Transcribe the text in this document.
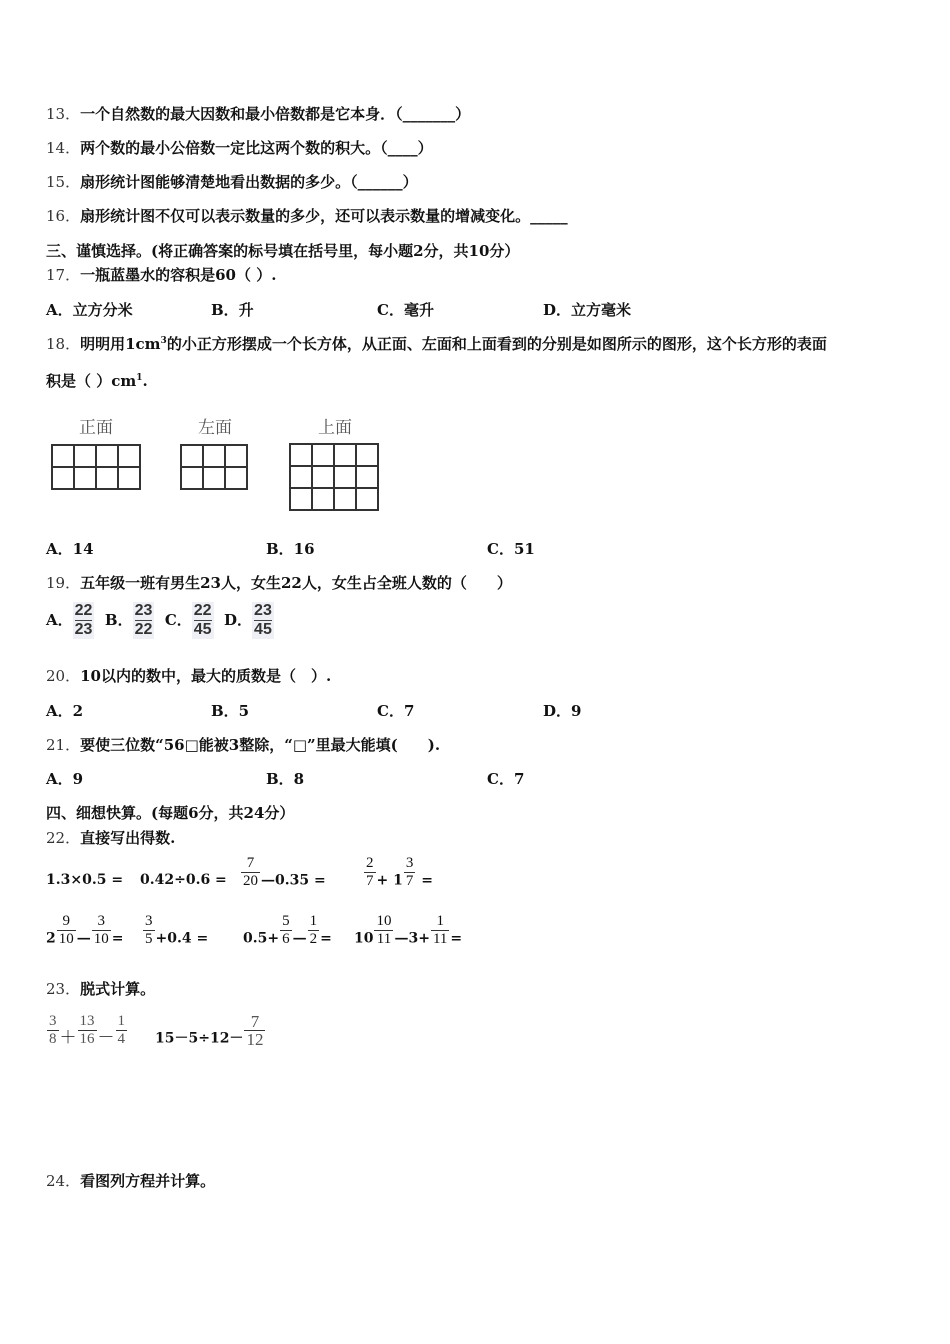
13．一个自然数的最大因数和最小倍数都是它本身．（_______）
14．两个数的最小公倍数一定比这两个数的积大。（____）
15．扇形统计图能够清楚地看出数据的多少。（______）
16．扇形统计图不仅可以表示数量的多少，还可以表示数量的增减变化。_____
三、谨慎选择。(将正确答案的标号填在括号里，每小题2分，共10分）
17．一瓶蓝墨水的容积是60（ ）.
A．立方分米	B．升	C．毫升	D．立方毫米
18．明明用$1cm^3$的小正方形摆成一个长方体，从正面、左面和上面看到的分别是如图所示的图形，这个长方形的表面
积是（ ）$cm^1$.
正面	左面	上面

A．14	B．16	C．51
19．五年级一班有男生23人，女生22人，女生占全班人数的（　　）
A． $\frac{22}{23}$ B． $\frac{23}{22}$ C． $\frac{22}{45}$ D． $\frac{23}{45}$
20．10以内的数中，最大的质数是（　）.
A．2	B．5	C．7	D．9
21．要使三位数“56□能被3整除，“□”里最大能填(　　).
A．9	B．8	C．7
四、细想快算。(每题6分，共24分）
22．直接写出得数.
$1.3\times 0.5 = 0.42\div 0.6 = \frac{7}{20}$ —0.35 =	$\frac{2}{7} + 1 \frac{3}{7}$ =
$2 \frac{9}{10}$ — $\frac{3}{10} = \frac{3}{5} +0.4 = 0.5+ \frac{5}{6}$ — $\frac{1}{2} = 10 \frac{10}{11}$ —3+ $\frac{1}{11}$ =
23．脱式计算。
$\frac{3}{8} + \frac{13}{16} - \frac{1}{4} 15-5\div 12- \frac{7}{12}$
24．看图列方程并计算。
